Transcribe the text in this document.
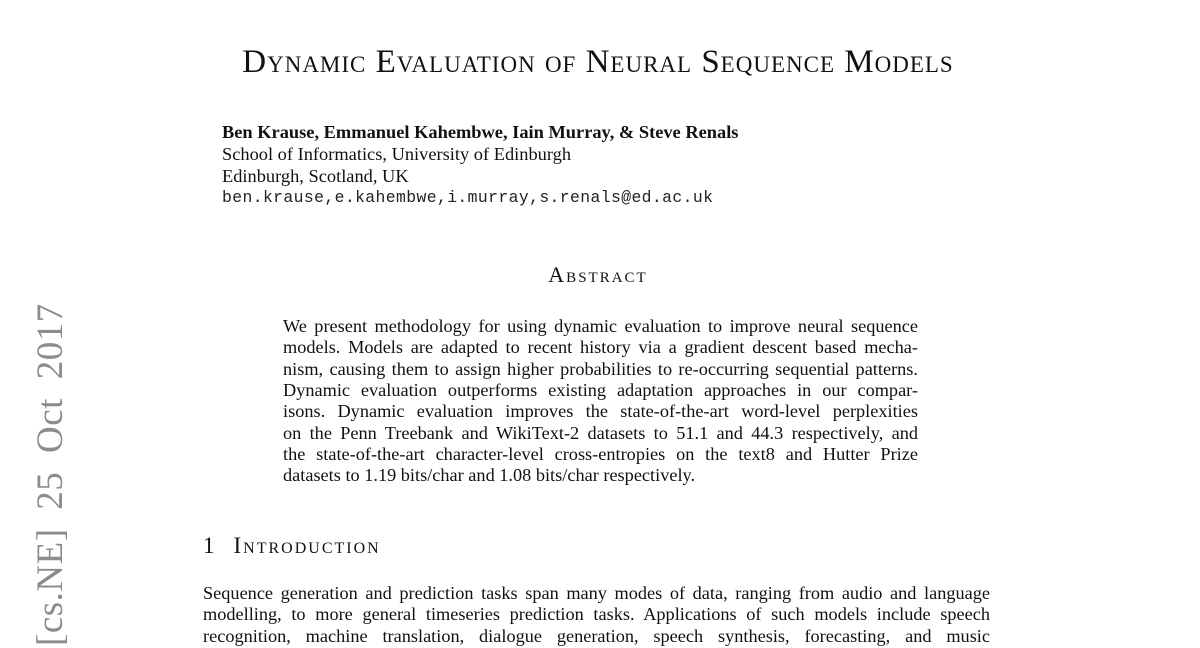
[cs.NE] 25 Oct 2017
Dynamic Evaluation of Neural Sequence Models
Ben Krause, Emmanuel Kahembwe, Iain Murray, & Steve Renals
School of Informatics, University of Edinburgh
Edinburgh, Scotland, UK
ben.krause,e.kahembwe,i.murray,s.renals@ed.ac.uk
Abstract
We present methodology for using dynamic evaluation to improve neural sequence
models. Models are adapted to recent history via a gradient descent based mecha-
nism, causing them to assign higher probabilities to re-occurring sequential patterns.
Dynamic evaluation outperforms existing adaptation approaches in our compar-
isons. Dynamic evaluation improves the state-of-the-art word-level perplexities
on the Penn Treebank and WikiText-2 datasets to 51.1 and 44.3 respectively, and
the state-of-the-art character-level cross-entropies on the text8 and Hutter Prize
datasets to 1.19 bits/char and 1.08 bits/char respectively.
1 Introduction
Sequence generation and prediction tasks span many modes of data, ranging from audio and language
modelling, to more general timeseries prediction tasks. Applications of such models include speech
recognition, machine translation, dialogue generation, speech synthesis, forecasting, and music
